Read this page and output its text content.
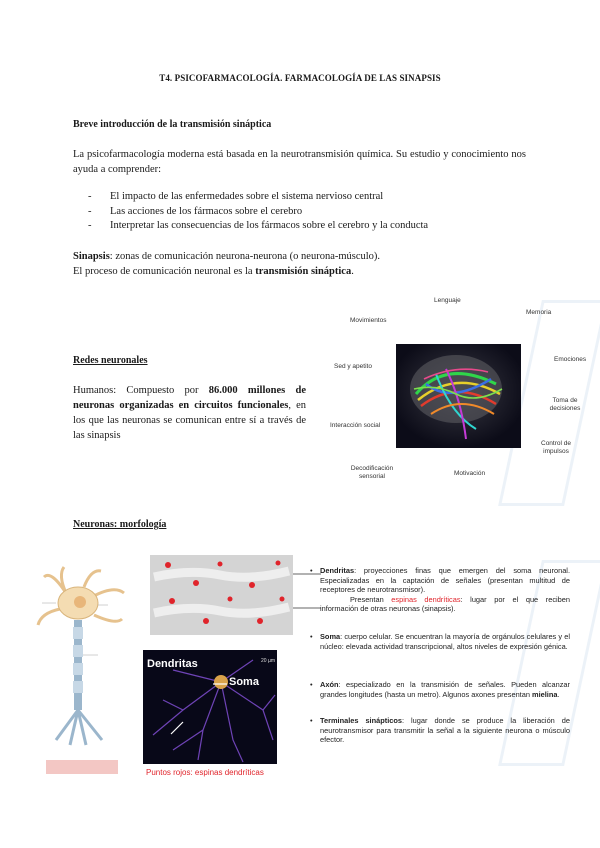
T4. PSICOFARMACOLOGÍA. FARMACOLOGÍA DE LAS SINAPSIS
Breve introducción de la transmisión sináptica
La psicofarmacología moderna está basada en la neurotransmisión química. Su estudio y conocimiento nos ayuda a comprender:
- El impacto de las enfermedades sobre el sistema nervioso central
- Las acciones de los fármacos sobre el cerebro
- Interpretar las consecuencias de los fármacos sobre el cerebro y la conducta
Sinapsis: zonas de comunicación neurona-neurona (o neurona-músculo).
El proceso de comunicación neuronal es la transmisión sináptica.
Redes neuronales
Humanos: Compuesto por 86.000 millones de neuronas organizadas en circuitos funcionales, en los que las neuronas se comunican entre sí a través de las sinapsis
Lenguaje
Memoria
Movimientos
Emociones
Sed y apetito
Toma de decisiones
Interacción social
Control de impulsos
Decodificación sensorial	Motivación
Neuronas: morfología
20 µm
Dendritas
Soma
Puntos rojos: espinas dendríticas
• Dendritas: proyecciones finas que emergen del soma neuronal. Especializadas en la captación de señales (presentan multitud de receptores de neurotransmisor).
Presentan espinas dendríticas: lugar por el que reciben información de otras neuronas (sinapsis).
• Soma: cuerpo celular. Se encuentran la mayoría de orgánulos celulares y el núcleo: elevada actividad transcripcional, altos niveles de expresión génica.
• Axón: especializado en la transmisión de señales. Pueden alcanzar grandes longitudes (hasta un metro). Algunos axones presentan mielina.
• Terminales sinápticos: lugar donde se produce la liberación de neurotransmisor para transmitir la señal a la siguiente neurona o músculo efector.
